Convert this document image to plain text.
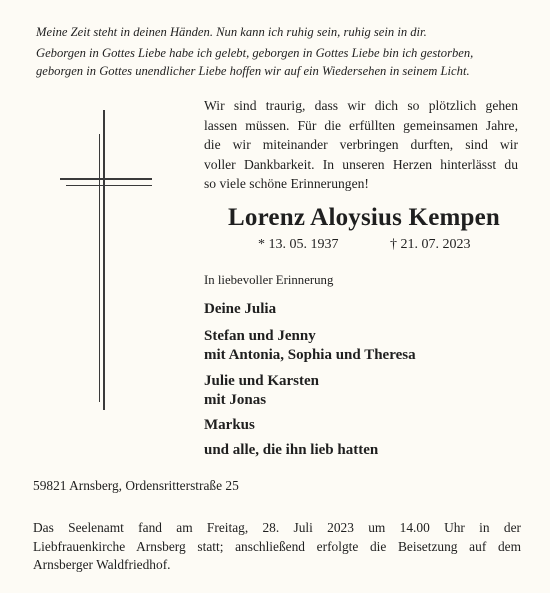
Meine Zeit steht in deinen Händen. Nun kann ich ruhig sein, ruhig sein in dir.
Geborgen in Gottes Liebe habe ich gelebt, geborgen in Gottes Liebe bin ich gestorben,
geborgen in Gottes unendlicher Liebe hoffen wir auf ein Wiedersehen in seinem Licht.
Wir sind traurig, dass wir dich so plötzlich gehen
lassen müssen. Für die erfüllten gemeinsamen Jahre,
die wir miteinander verbringen durften, sind wir
voller Dankbarkeit. In unseren Herzen hinterlässt du
so viele schöne Erinnerungen!
Lorenz Aloysius Kempen
* 13. 05. 1937	† 21. 07. 2023
In liebevoller Erinnerung
Deine Julia
Stefan und Jenny
mit Antonia, Sophia und Theresa
Julie und Karsten
mit Jonas
Markus
und alle, die ihn lieb hatten
59821 Arnsberg, Ordensritterstraße 25
Das Seelenamt fand am Freitag, 28. Juli 2023 um 14.00 Uhr in der
Liebfrauenkirche Arnsberg statt; anschließend erfolgte die Beisetzung auf dem
Arnsberger Waldfriedhof.
